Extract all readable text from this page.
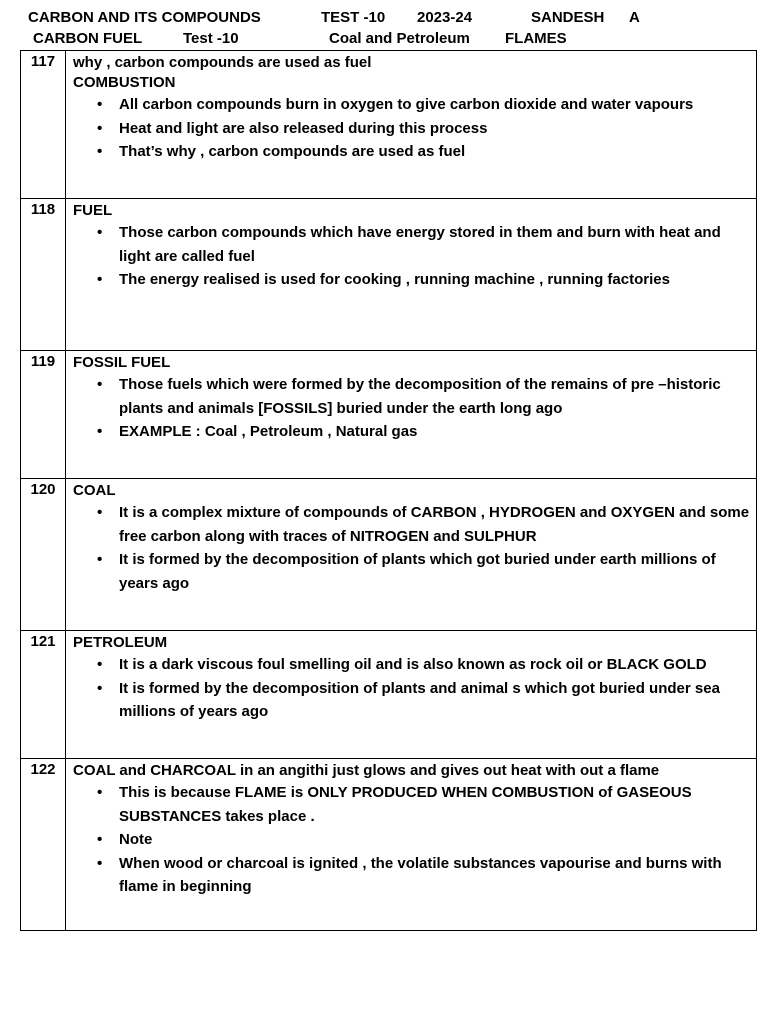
CARBON AND ITS COMPOUNDS

	TEST -10

2023-24

	SANDESH

A

CARBON FUEL

	Test -10

	Coal and Petroleum

FLAMES

117	why , carbon compounds are used as fuel
COMBUSTION
• All carbon compounds burn in oxygen to give carbon dioxide and water vapours
• Heat and light are also released during this process
• That’s why , carbon compounds are used as fuel
118	FUEL
• Those carbon compounds which have energy stored in them and burn with heat and light are called fuel
• The energy realised is used for cooking , running machine , running factories
119	FOSSIL FUEL
• Those fuels which were formed by the decomposition of the remains of pre –historic plants and animals [FOSSILS] buried under the earth long ago
• EXAMPLE : Coal , Petroleum , Natural gas
120	COAL
• It is a complex mixture of compounds of CARBON , HYDROGEN and OXYGEN and some free carbon along with traces of NITROGEN and SULPHUR
• It is formed by the decomposition of plants which got buried under earth millions of years ago
121	PETROLEUM
• It is a dark viscous foul smelling oil and is also known as rock oil or BLACK GOLD
• It is formed by the decomposition of plants and animal s which got buried under sea millions of years ago
122	COAL and CHARCOAL in an angithi just glows and gives out heat with out a flame
• This is because FLAME is ONLY PRODUCED WHEN COMBUSTION of GASEOUS SUBSTANCES takes place .
• Note
• When wood or charcoal is ignited , the volatile substances vapourise and burns with flame in beginning
